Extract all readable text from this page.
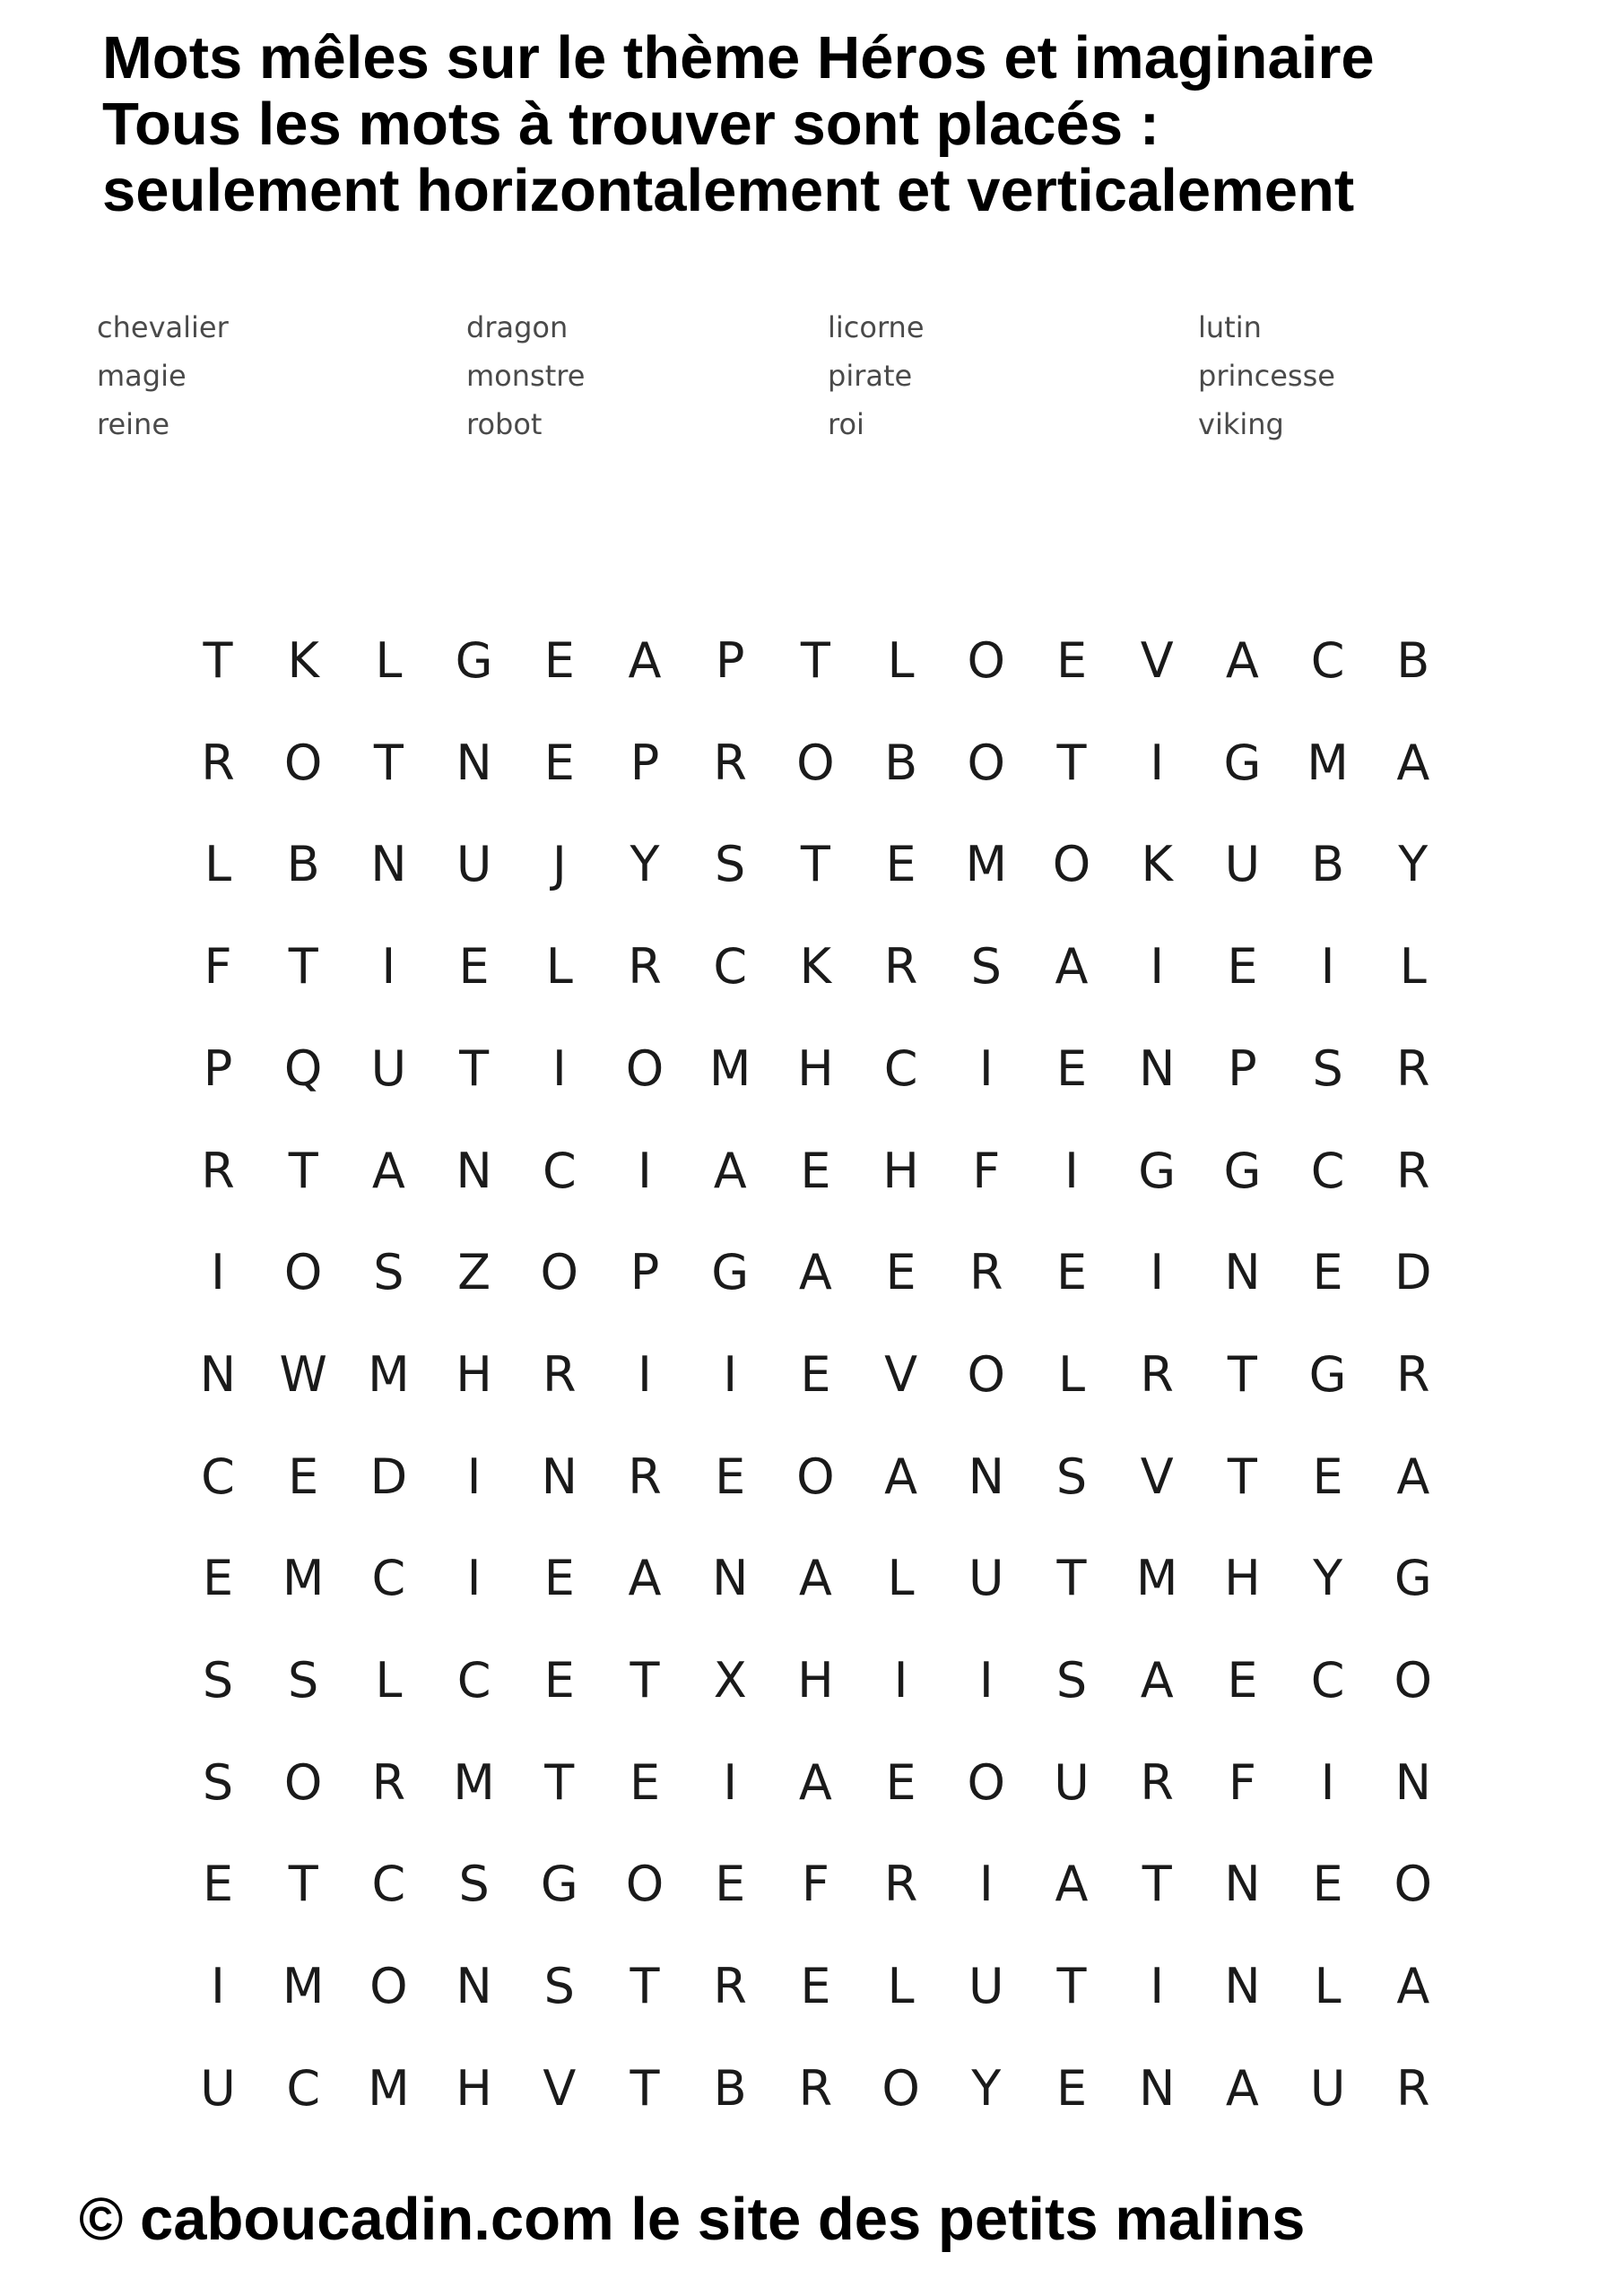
Mots mêles sur le thème Héros et imaginaire
Tous les mots à trouver sont placés :
seulement horizontalement et verticalement
chevalier	dragon	licorne	lutin
magie	monstre	pirate	princesse
reine	robot	roi	viking
T	K	L	G	E	A	P	T	L	O	E	V	A	C	B
R	O	T	N	E	P	R	O	B	O	T	I	G M A
L	B	N	U	J	Y	S	T	E	M O	K	U	B	Y
F	T	I	E	L	R	C	K	R	S	A	I	E	I	L
P	Q	U	T	I	O M H	C	I	E	N	P	S	R
R	T	A	N	C	I	A	E	H	F	I	G G	C	R
I	O	S	Z	O	P	G	A	E	R	E	I	N	E	D
N W M H	R	I	I	E	V	O	L	R	T	G	R
C	E	D	I	N	R	E	O	A	N	S	V	T	E	A
E	M C	I	E	A	N	A	L	U	T	M H	Y	G
S	S	L	C	E	T	X	H	I	I	S	A	E	C	O
S	O	R M	T	E	I	A	E	O	U	R	F	I	N
E	T	C	S	G O	E	F	R	I	A	T	N	E	O
I	M O N	S	T	R	E	L	U	T	I	N	L	A
U	C M H	V	T	B	R	O	Y	E	N	A	U	R
© caboucadin.com le site des petits malins
